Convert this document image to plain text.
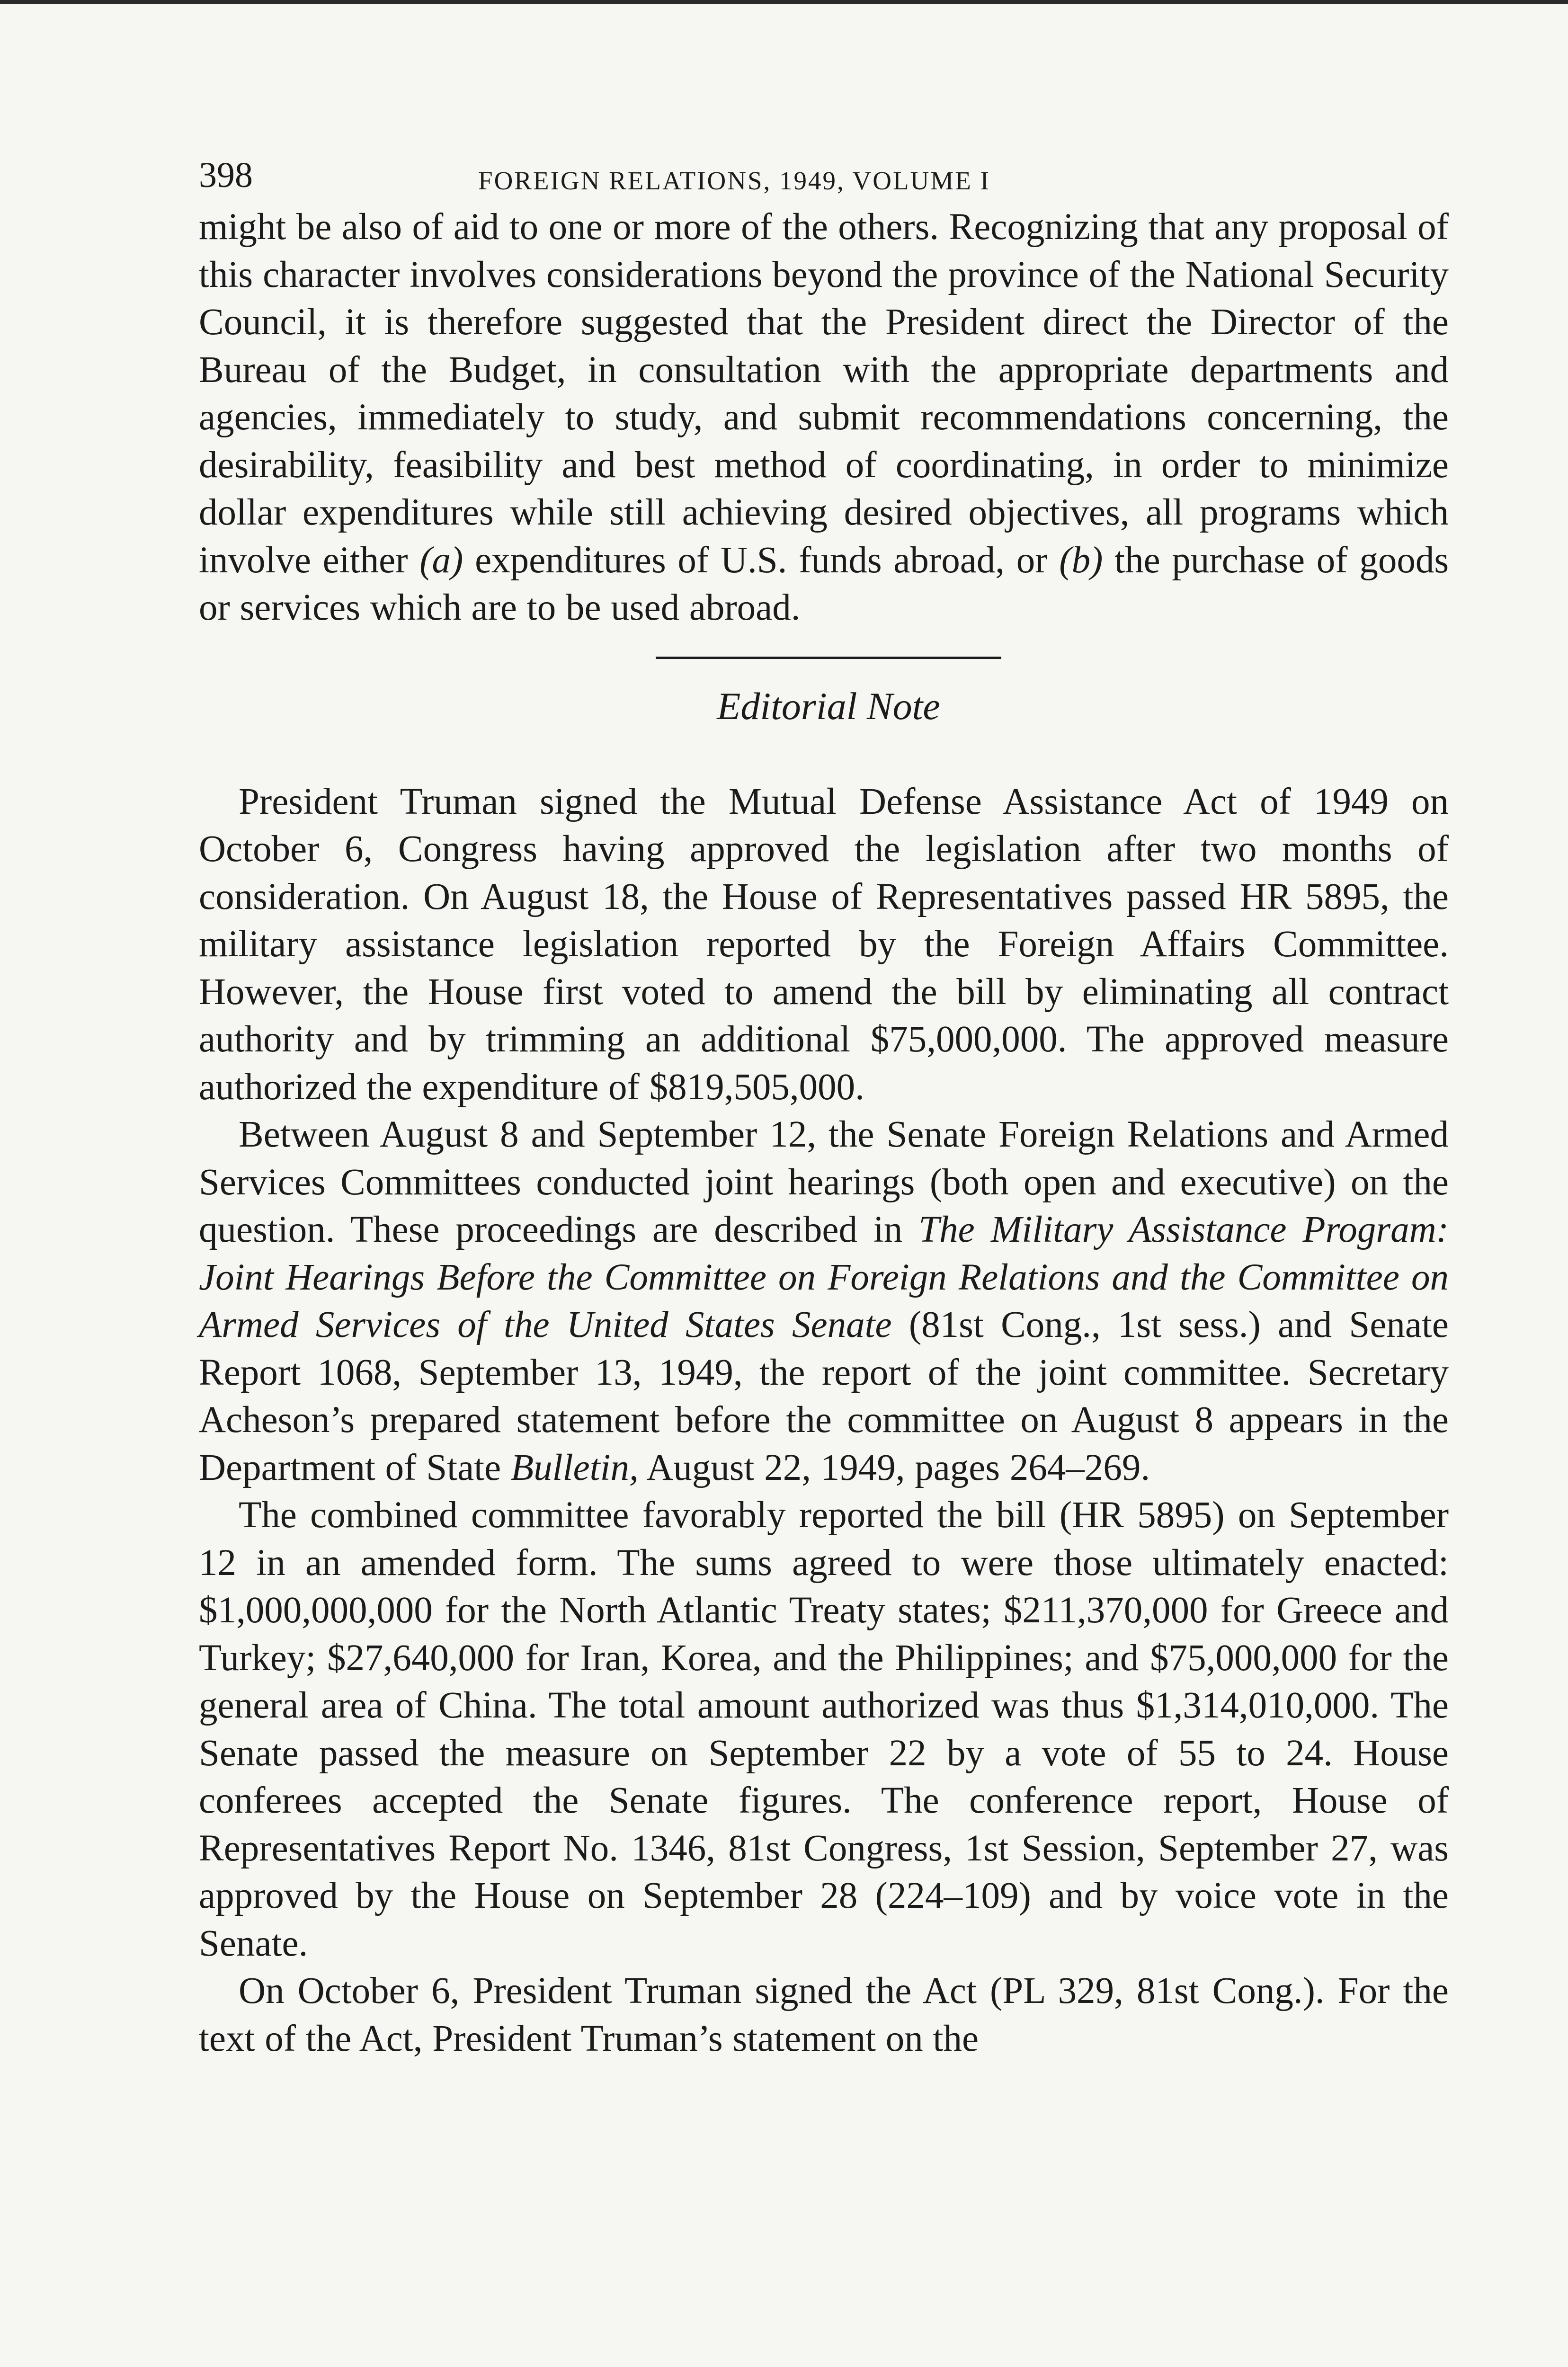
398	FOREIGN RELATIONS, 1949, VOLUME I

might be also of aid to one or more of the others. Recognizing that any proposal of this character involves considerations beyond the province of the National Security Council, it is therefore suggested that the President direct the Director of the Bureau of the Budget, in consultation with the appropriate departments and agencies, immediately to study, and submit recommendations concerning, the desirability, feasibility and best method of coordinating, in order to minimize dollar expenditures while still achieving desired objectives, all programs which involve either (a) expenditures of U.S. funds abroad, or (b) the purchase of goods or services which are to be used abroad.

Editorial Note

President Truman signed the Mutual Defense Assistance Act of 1949 on October 6, Congress having approved the legislation after two months of consideration. On August 18, the House of Representatives passed HR 5895, the military assistance legislation reported by the Foreign Affairs Committee. However, the House first voted to amend the bill by eliminating all contract authority and by trimming an additional $75,000,000. The approved measure authorized the expenditure of $819,505,000.

Between August 8 and September 12, the Senate Foreign Relations and Armed Services Committees conducted joint hearings (both open and executive) on the question. These proceedings are described in The Military Assistance Program: Joint Hearings Before the Committee on Foreign Relations and the Committee on Armed Services of the United States Senate (81st Cong., 1st sess.) and Senate Report 1068, September 13, 1949, the report of the joint committee. Secretary Acheson’s prepared statement before the committee on August 8 appears in the Department of State Bulletin, August 22, 1949, pages 264–269.

The combined committee favorably reported the bill (HR 5895) on September 12 in an amended form. The sums agreed to were those ultimately enacted: $1,000,000,000 for the North Atlantic Treaty states; $211,370,000 for Greece and Turkey; $27,640,000 for Iran, Korea, and the Philippines; and $75,000,000 for the general area of China. The total amount authorized was thus $1,314,010,000. The Senate passed the measure on September 22 by a vote of 55 to 24. House conferees accepted the Senate figures. The conference report, House of Representatives Report No. 1346, 81st Congress, 1st Session, September 27, was approved by the House on September 28 (224–109) and by voice vote in the Senate.

On October 6, President Truman signed the Act (PL 329, 81st Cong.). For the text of the Act, President Truman’s statement on the
